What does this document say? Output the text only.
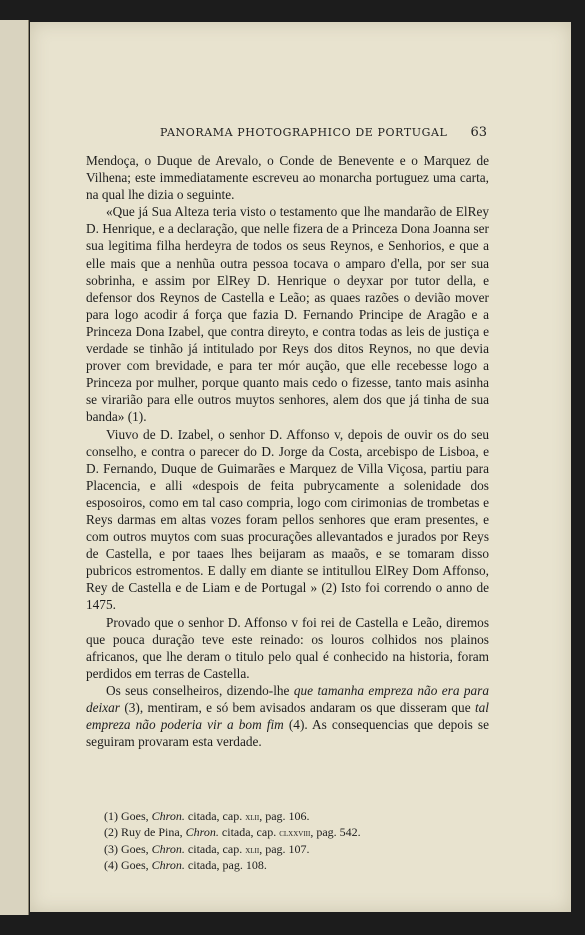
PANORAMA PHOTOGRAPHICO DE PORTUGAL 63

Mendoça, o Duque de Arevalo, o Conde de Benevente e o Marquez de Vilhena; este immediatamente escreveu ao monarcha portuguez uma carta, na qual lhe dizia o seguinte.

«Que já Sua Alteza teria visto o testamento que lhe mandarão de ElRey D. Henrique, e a declaração, que nelle fizera de a Princeza Dona Joanna ser sua legitima filha herdeyra de todos os seus Reynos, e Senhorios, e que a elle mais que a nenhũa outra pessoa tocava o amparo d'ella, por ser sua sobrinha, e assim por ElRey D. Henrique o deyxar por tutor della, e defensor dos Reynos de Castella e Leão; as quaes razões o devião mover para logo acodir á força que fazia D. Fernando Principe de Aragão e a Princeza Dona Izabel, que contra direyto, e contra todas as leis de justiça e verdade se tinhão já intitulado por Reys dos ditos Reynos, no que devia prover com brevidade, e para ter mór aução, que elle recebesse logo a Princeza por mulher, porque quanto mais cedo o fizesse, tanto mais asinha se virarião para elle outros muytos senhores, alem dos que já tinha de sua banda» (1).

Viuvo de D. Izabel, o senhor D. Affonso v, depois de ouvir os do seu conselho, e contra o parecer do D. Jorge da Costa, arcebispo de Lisboa, e D. Fernando, Duque de Guimarães e Marquez de Villa Viçosa, partiu para Placencia, e alli «despois de feita pubrycamente a solenidade dos esposoiros, como em tal caso compria, logo com cirimonias de trombetas e Reys darmas em altas vozes foram pellos senhores que eram presentes, e com outros muytos com suas procurações allevantados e jurados por Reys de Castella, e por taaes lhes beijaram as maaõs, e se tomaram disso pubricos estromentos. E dally em diante se intitullou ElRey Dom Affonso, Rey de Castella e de Liam e de Portugal » (2) Isto foi correndo o anno de 1475.

Provado que o senhor D. Affonso v foi rei de Castella e Leão, diremos que pouca duração teve este reinado: os louros colhidos nos plainos africanos, que lhe deram o titulo pelo qual é conhecido na historia, foram perdidos em terras de Castella.

Os seus conselheiros, dizendo-lhe que tamanha empreza não era para deixar (3), mentiram, e só bem avisados andaram os que disseram que tal empreza não poderia vir a bom fim (4). As consequencias que depois se seguiram provaram esta verdade.

(1) Goes, Chron. citada, cap. xlii, pag. 106.
(2) Ruy de Pina, Chron. citada, cap. clxxviii, pag. 542.
(3) Goes, Chron. citada, cap. xlii, pag. 107.
(4) Goes, Chron. citada, pag. 108.
